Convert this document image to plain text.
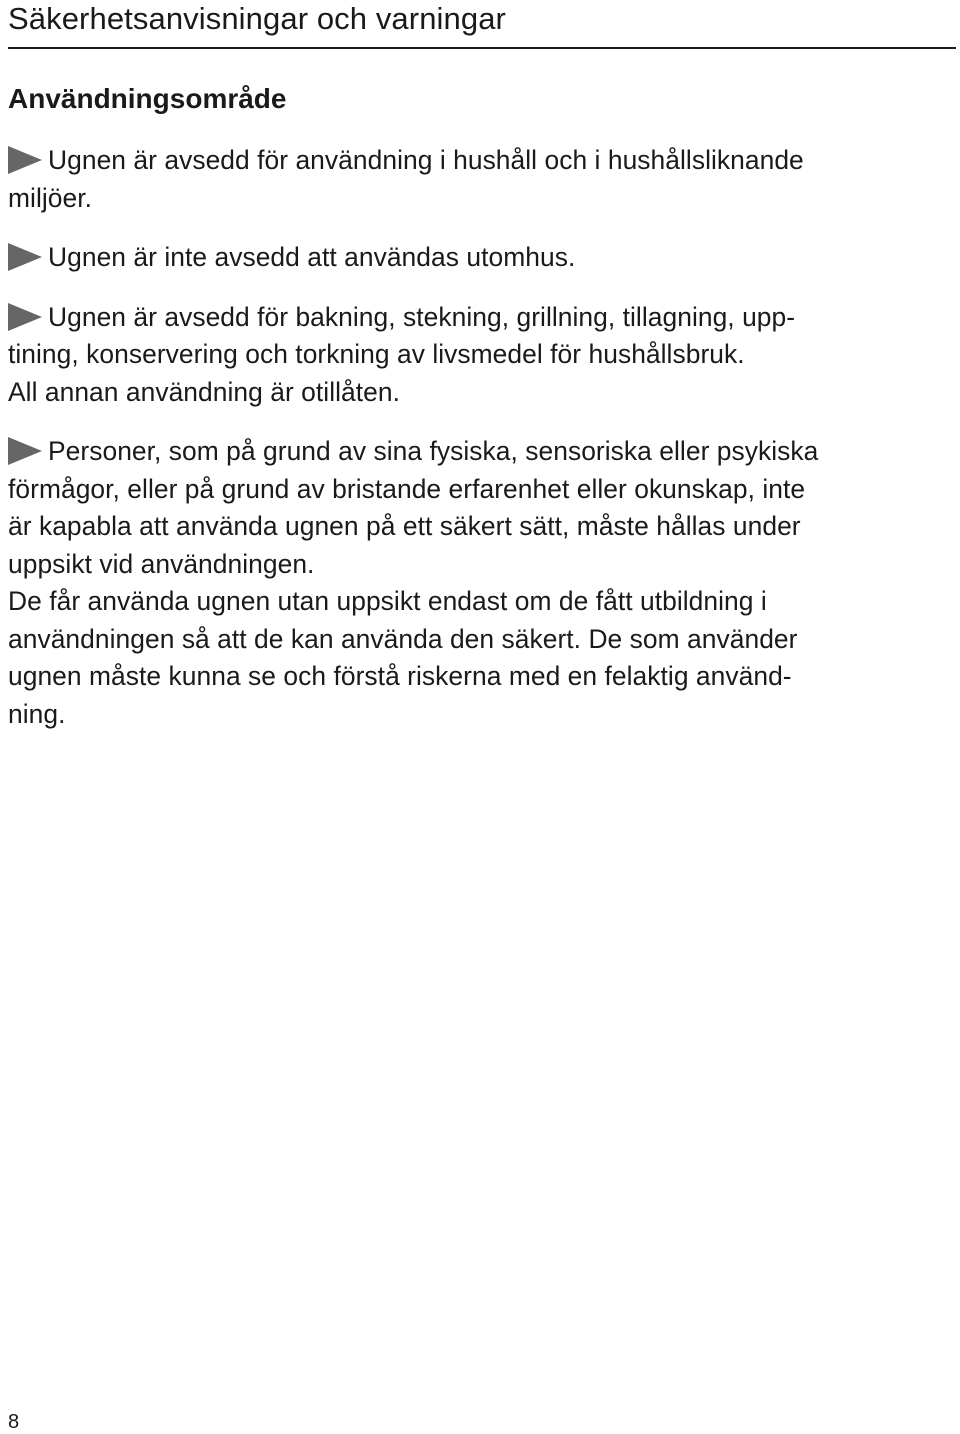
Säkerhetsanvisningar och varningar
Användningsområde

Ugnen är avsedd för användning i hushåll och i hushållsliknande
miljöer.

Ugnen är inte avsedd att användas utomhus.

Ugnen är avsedd för bakning, stekning, grillning, tillagning, upp-
tining, konservering och torkning av livsmedel för hushållsbruk.
All annan användning är otillåten.

Personer, som på grund av sina fysiska, sensoriska eller psykiska
förmågor, eller på grund av bristande erfarenhet eller okunskap, inte
är kapabla att använda ugnen på ett säkert sätt, måste hållas under
uppsikt vid användningen.

De får använda ugnen utan uppsikt endast om de fått utbildning i
användningen så att de kan använda den säkert. De som använder
ugnen måste kunna se och förstå riskerna med en felaktig använd-
ning.

8
